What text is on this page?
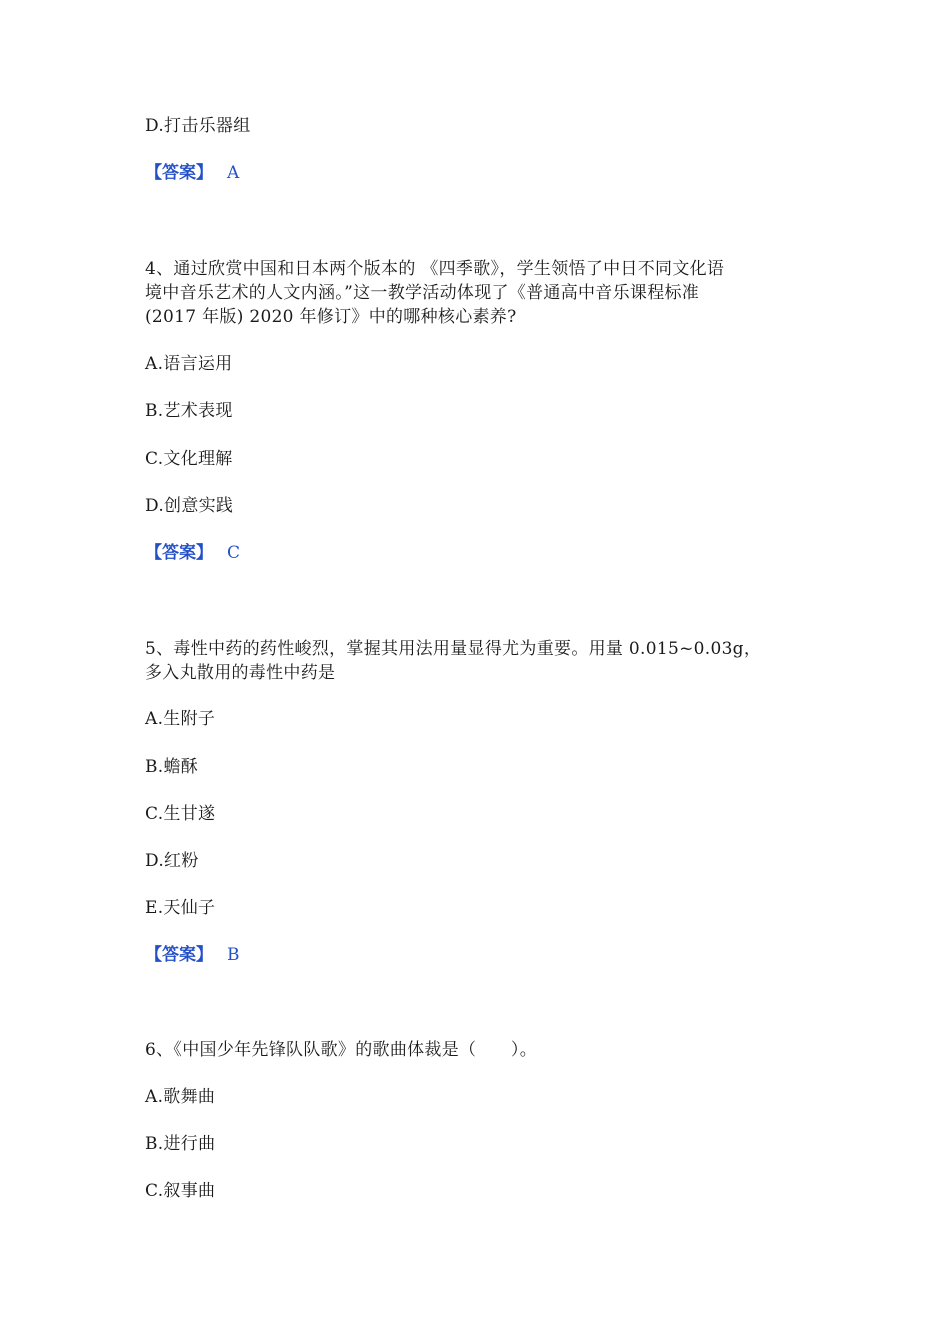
D.打击乐器组
【答案】 A
4、通过欣赏中国和日本两个版本的 《四季歌》，学生领悟了中日不同文化语
境中音乐艺术的人文内涵。”这一教学活动体现了《普通高中音乐课程标准
(2017 年版) 2020 年修订》中的哪种核心素养?
A.语言运用
B.艺术表现
C.文化理解
D.创意实践
【答案】 C
5、毒性中药的药性峻烈，掌握其用法用量显得尤为重要。用量 0.015~0.03g，
多入丸散用的毒性中药是
A.生附子
B.蟾酥
C.生甘遂
D.红粉
E.天仙子
【答案】 B
6、《中国少年先锋队队歌》的歌曲体裁是（　　）。
A.歌舞曲
B.进行曲
C.叙事曲
